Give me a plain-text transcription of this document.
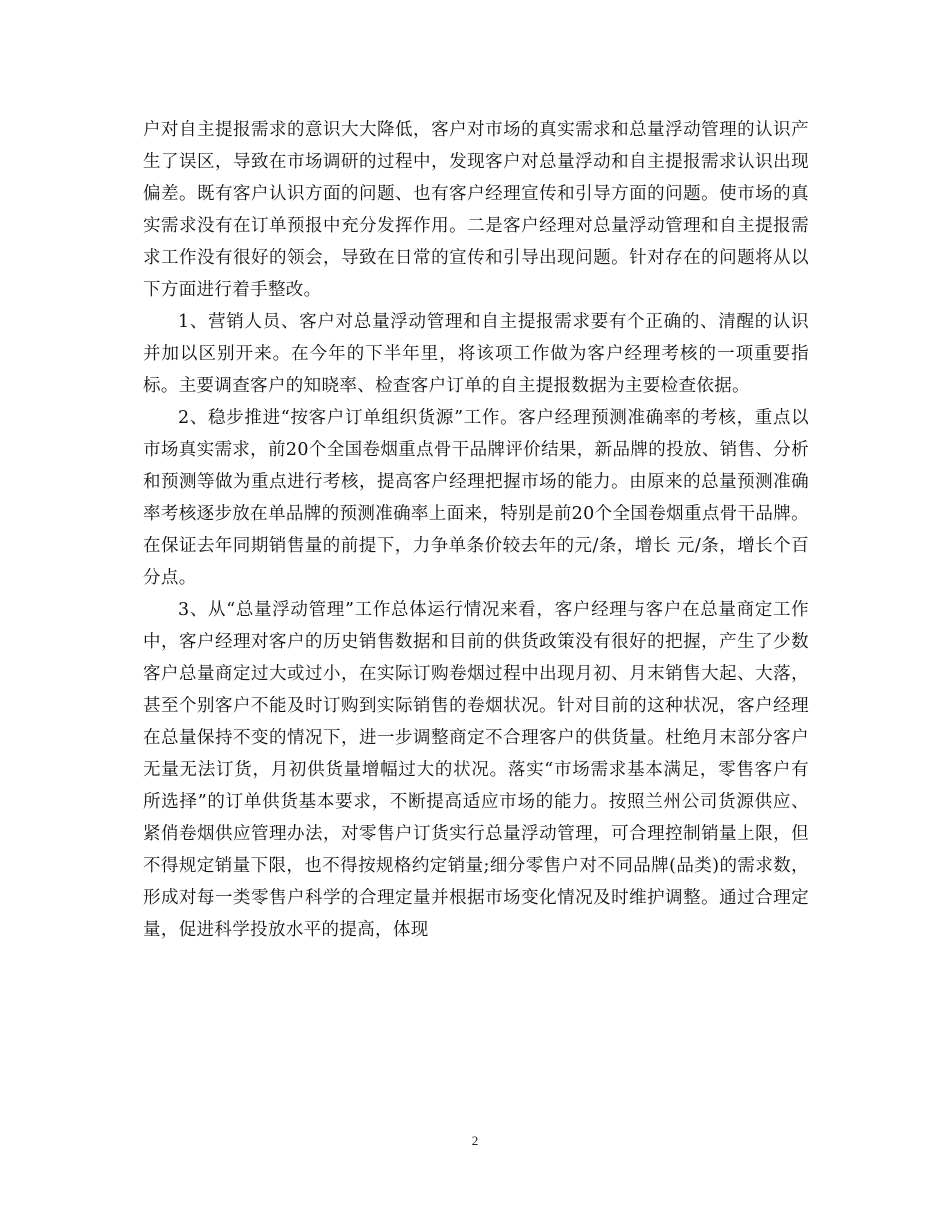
户对自主提报需求的意识大大降低，客户对市场的真实需求和总量浮动管理的认识产生了误区，导致在市场调研的过程中，发现客户对总量浮动和自主提报需求认识出现偏差。既有客户认识方面的问题、也有客户经理宣传和引导方面的问题。使市场的真实需求没有在订单预报中充分发挥作用。二是客户经理对总量浮动管理和自主提报需求工作没有很好的领会，导致在日常的宣传和引导出现问题。针对存在的问题将从以下方面进行着手整改。

1、营销人员、客户对总量浮动管理和自主提报需求要有个正确的、清醒的认识并加以区别开来。在今年的下半年里，将该项工作做为客户经理考核的一项重要指标。主要调查客户的知晓率、检查客户订单的自主提报数据为主要检查依据。

2、稳步推进“按客户订单组织货源”工作。客户经理预测准确率的考核，重点以市场真实需求，前20个全国卷烟重点骨干品牌评价结果，新品牌的投放、销售、分析和预测等做为重点进行考核，提高客户经理把握市场的能力。由原来的总量预测准确率考核逐步放在单品牌的预测准确率上面来，特别是前20个全国卷烟重点骨干品牌。在保证去年同期销售量的前提下，力争单条价较去年的元/条，增长 元/条，增长个百分点。

3、从“总量浮动管理”工作总体运行情况来看，客户经理与客户在总量商定工作中，客户经理对客户的历史销售数据和目前的供货政策没有很好的把握，产生了少数客户总量商定过大或过小，在实际订购卷烟过程中出现月初、月末销售大起、大落，甚至个别客户不能及时订购到实际销售的卷烟状况。针对目前的这种状况，客户经理在总量保持不变的情况下，进一步调整商定不合理客户的供货量。杜绝月末部分客户无量无法订货，月初供货量增幅过大的状况。落实“市场需求基本满足，零售客户有所选择”的订单供货基本要求，不断提高适应市场的能力。按照兰州公司货源供应、紧俏卷烟供应管理办法，对零售户订货实行总量浮动管理，可合理控制销量上限，但不得规定销量下限，也不得按规格约定销量;细分零售户对不同品牌(品类)的需求数，形成对每一类零售户科学的合理定量并根据市场变化情况及时维护调整。通过合理定量，促进科学投放水平的提高，体现

2
